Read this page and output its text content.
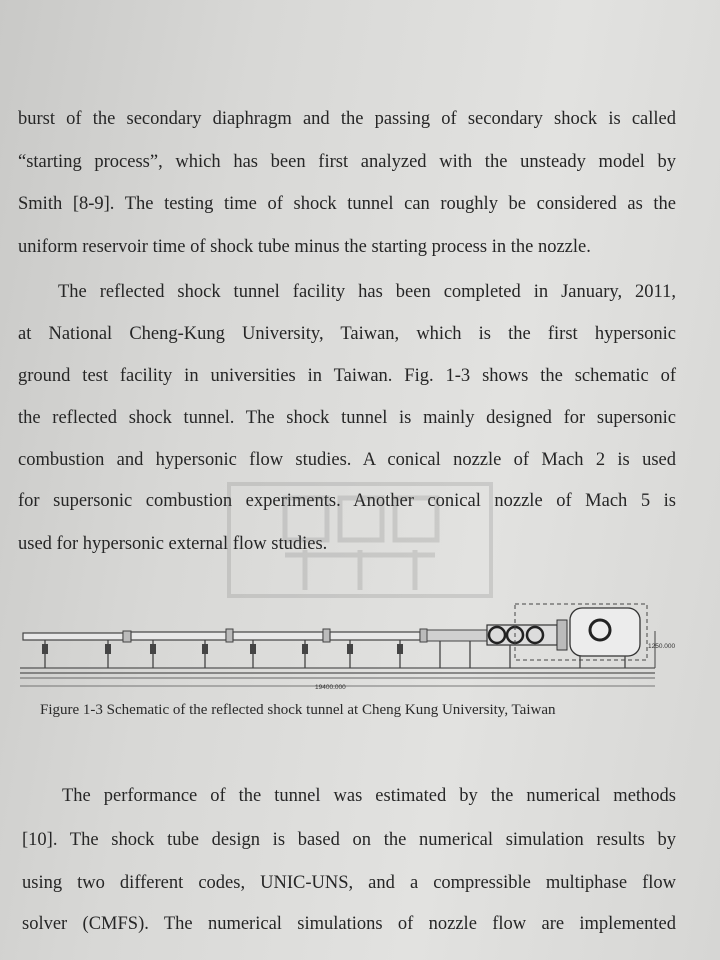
burst of the secondary diaphragm and the passing of secondary shock is called
“starting process”, which has been first analyzed with the unsteady model by
Smith [8-9]. The testing time of shock tunnel can roughly be considered as the
uniform reservoir time of shock tube minus the starting process in the nozzle.
The reflected shock tunnel facility has been completed in January, 2011,
at National Cheng-Kung University, Taiwan, which is the first hypersonic
ground test facility in universities in Taiwan. Fig. 1-3 shows the schematic of
the reflected shock tunnel. The shock tunnel is mainly designed for supersonic
combustion and hypersonic flow studies. A conical nozzle of Mach 2 is used
for supersonic combustion experiments. Another conical nozzle of Mach 5 is
used for hypersonic external flow studies.
1250.000
19400.000
Figure 1-3 Schematic of the reflected shock tunnel at Cheng Kung University, Taiwan
The performance of the tunnel was estimated by the numerical methods
[10]. The shock tube design is based on the numerical simulation results by
using two different codes, UNIC-UNS, and a compressible multiphase flow
solver (CMFS). The numerical simulations of nozzle flow are implemented
